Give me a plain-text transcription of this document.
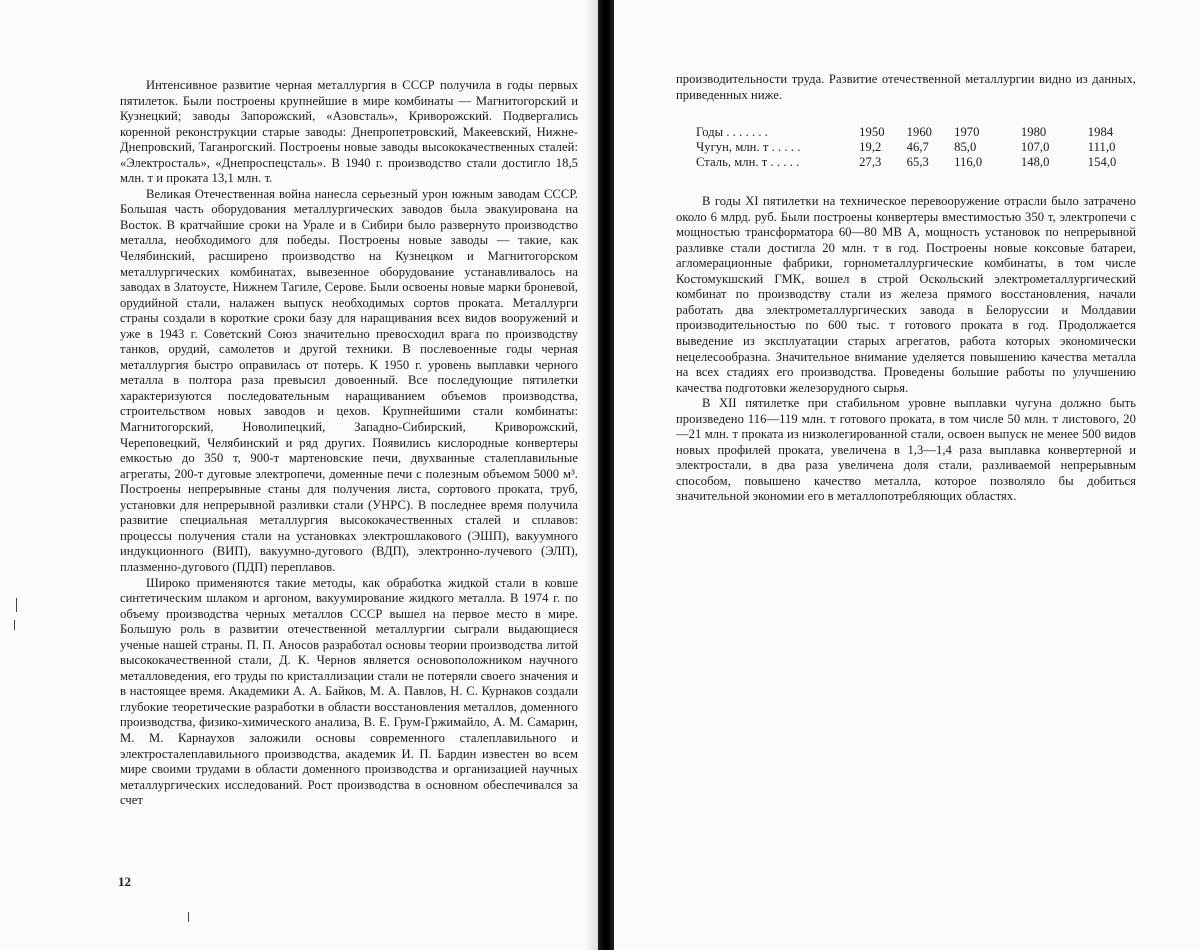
Интенсивное развитие черная металлургия в СССР получила в годы первых пятилеток. Были построены крупнейшие в мире комбинаты — Магнитогорский и Кузнецкий; заводы Запорожский, «Азовсталь», Криворожский. Подвергались коренной реконструкции старые заводы: Днепропетровский, Макеевский, Нижне-Днепровский, Таганрогский. Построены новые заводы высококачественных сталей: «Электросталь», «Днепроспецсталь». В 1940 г. производство стали достигло 18,5 млн. т и проката 13,1 млн. т.

Великая Отечественная война нанесла серьезный урон южным заводам СССР. Большая часть оборудования металлургических заводов была эвакуирована на Восток. В кратчайшие сроки на Урале и в Сибири было развернуто производство металла, необходимого для победы. Построены новые заводы — такие, как Челябинский, расширено производство на Кузнецком и Магнитогорском металлургических комбинатах, вывезенное оборудование устанавливалось на заводах в Златоусте, Нижнем Тагиле, Серове. Были освоены новые марки броневой, орудийной стали, налажен выпуск необходимых сортов проката. Металлурги страны создали в короткие сроки базу для наращивания всех видов вооружений и уже в 1943 г. Советский Союз значительно превосходил врага по производству танков, орудий, самолетов и другой техники. В послевоенные годы черная металлургия быстро оправилась от потерь. К 1950 г. уровень выплавки черного металла в полтора раза превысил довоенный. Все последующие пятилетки характеризуются последовательным наращиванием объемов производства, строительством новых заводов и цехов. Крупнейшими стали комбинаты: Магнитогорский, Новолипецкий, Западно-Сибирский, Криворожский, Череповецкий, Челябинский и ряд других. Появились кислородные конвертеры емкостью до 350 т, 900-т мартеновские печи, двухванные сталеплавильные агрегаты, 200-т дуговые электропечи, доменные печи с полезным объемом 5000 м³. Построены непрерывные станы для получения листа, сортового проката, труб, установки для непрерывной разливки стали (УНРС). В последнее время получила развитие специальная металлургия высококачественных сталей и сплавов: процессы получения стали на установках электрошлакового (ЭШП), вакуумного индукционного (ВИП), вакуумно-дугового (ВДП), электронно-лучевого (ЭЛП), плазменно-дугового (ПДП) переплавов.

Широко применяются такие методы, как обработка жидкой стали в ковше синтетическим шлаком и аргоном, вакуумирование жидкого металла. В 1974 г. по объему производства черных металлов СССР вышел на первое место в мире. Большую роль в развитии отечественной металлургии сыграли выдающиеся ученые нашей страны. П. П. Аносов разработал основы теории производства литой высококачественной стали, Д. К. Чернов является основоположником научного металловедения, его труды по кристаллизации стали не потеряли своего значения и в настоящее время. Академики А. А. Байков, М. А. Павлов, Н. С. Курнаков создали глубокие теоретические разработки в области восстановления металлов, доменного производства, физико-химического анализа, В. Е. Грум-Гржимайло, А. М. Самарин, М. М. Карнаухов заложили основы современного сталеплавильного и электросталеплавильного производства, академик И. П. Бардин известен во всем мире своими трудами в области доменного производства и организацией научных металлургических исследований. Рост производства в основном обеспечивался за счет

12

производительности труда. Развитие отечественной металлургии видно из данных, приведенных ниже.

Годы . . . . . . .	1950	1960	1970	1980	1984
Чугун, млн. т . . . . .	19,2	46,7	85,0	107,0	111,0
Сталь, млн. т . . . . .	27,3	65,3	116,0	148,0	154,0

В годы XI пятилетки на техническое перевооружение отрасли было затрачено около 6 млрд. руб. Были построены конвертеры вместимостью 350 т, электропечи с мощностью трансформатора 60—80 МВ А, мощность установок по непрерывной разливке стали достигла 20 млн. т в год. Построены новые коксовые батареи, агломерационные фабрики, горнометаллургические комбинаты, в том числе Костомукшский ГМК, вошел в строй Оскольский электрометаллургический комбинат по производству стали из железа прямого восстановления, начали работать два электрометаллургических завода в Белоруссии и Молдавии производительностью по 600 тыс. т готового проката в год. Продолжается выведение из эксплуатации старых агрегатов, работа которых экономически нецелесообразна. Значительное внимание уделяется повышению качества металла на всех стадиях его производства. Проведены большие работы по улучшению качества подготовки железорудного сырья.

В XII пятилетке при стабильном уровне выплавки чугуна должно быть произведено 116—119 млн. т готового проката, в том числе 50 млн. т листового, 20—21 млн. т проката из низколегированной стали, освоен выпуск не менее 500 видов новых профилей проката, увеличена в 1,3—1,4 раза выплавка конвертерной и электростали, в два раза увеличена доля стали, разливаемой непрерывным способом, повышено качество металла, которое позволяло бы добиться значительной экономии его в металлопотребляющих областях.
